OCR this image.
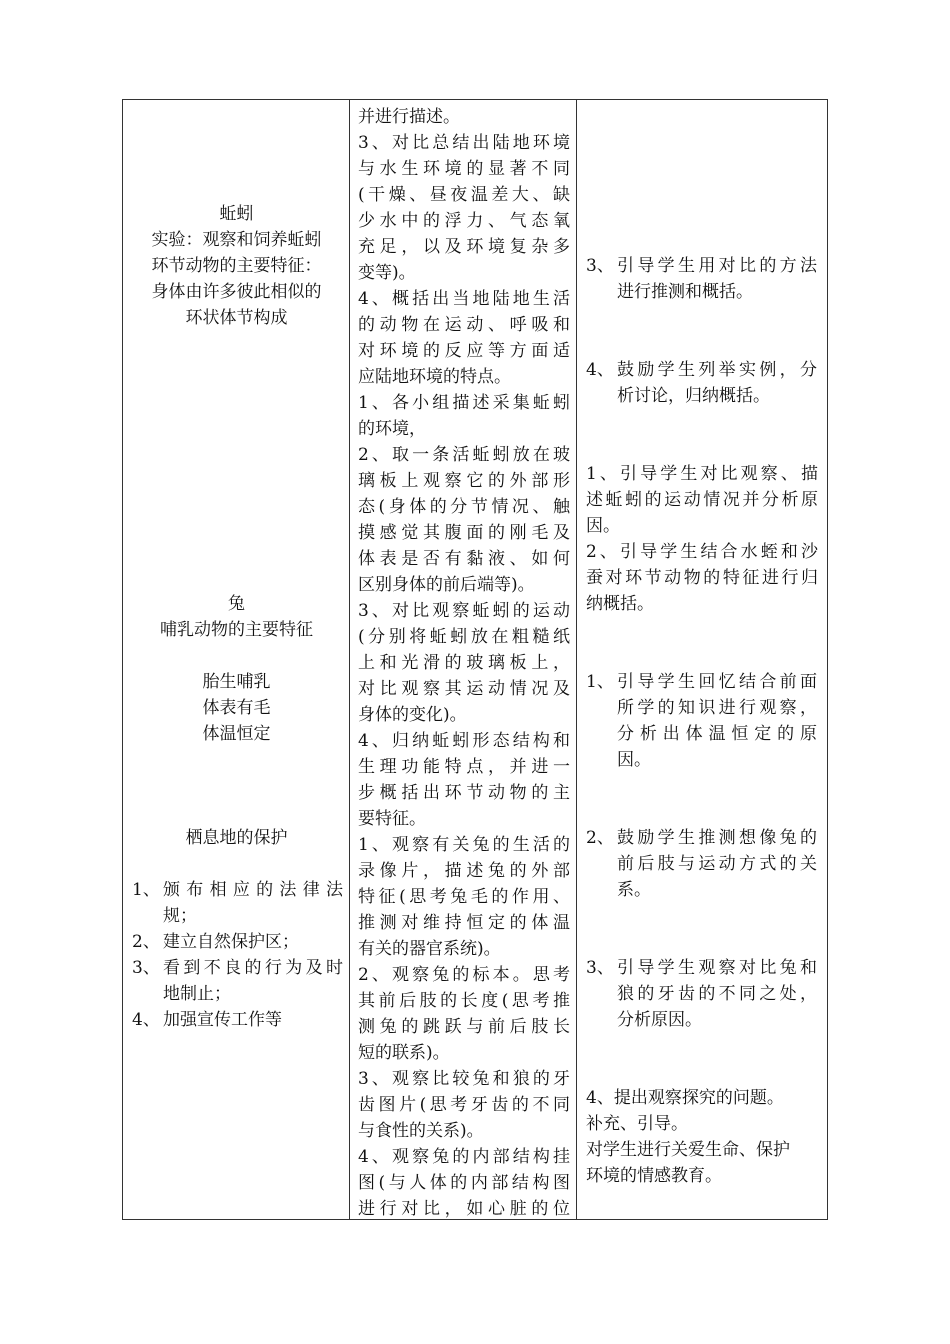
蚯蚓
实验：观察和饲养蚯蚓
环节动物的主要特征：
身体由许多彼此相似的
环状体节构成
兔
哺乳动物的主要特征
胎生哺乳
体表有毛
体温恒定
栖息地的保护
1、 颁布相应的法律法
规；
2、 建立自然保护区；
3、 看到不良的行为及时
地制止；
4、 加强宣传工作等
并进行描述。
3、对比总结出陆地环境
与水生环境的显著不同
(干燥、昼夜温差大、缺
少水中的浮力、气态氧
充足，以及环境复杂多
变等)。
4、概括出当地陆地生活
的动物在运动、呼吸和
对环境的反应等方面适
应陆地环境的特点。
1、各小组描述采集蚯蚓
的环境，
2、取一条活蚯蚓放在玻
璃板上观察它的外部形
态(身体的分节情况、触
摸感觉其腹面的刚毛及
体表是否有黏液、如何
区别身体的前后端等)。
3、对比观察蚯蚓的运动
(分别将蚯蚓放在粗糙纸
上和光滑的玻璃板上，
对比观察其运动情况及
身体的变化)。
4、归纳蚯蚓形态结构和
生理功能特点，并进一
步概括出环节动物的主
要特征。
1、观察有关兔的生活的
录像片，描述兔的外部
特征(思考兔毛的作用、
推测对维持恒定的体温
有关的器官系统)。
2、观察兔的标本。思考
其前后肢的长度(思考推
测兔的跳跃与前后肢长
短的联系)。
3、观察比较兔和狼的牙
齿图片(思考牙齿的不同
与食性的关系)。
4、观察兔的内部结构挂
图(与人体的内部结构图
进行对比，如心脏的位
3、 引导学生用对比的方法
进行推测和概括。
4、 鼓励学生列举实例，分
析讨论，归纳概括。
1、引导学生对比观察、描
述蚯蚓的运动情况并分析原
因。
2、引导学生结合水蛭和沙
蚕对环节动物的特征进行归
纳概括。
1、 引导学生回忆结合前面
所学的知识进行观察，
分析出体温恒定的原
因。
2、 鼓励学生推测想像兔的
前后肢与运动方式的关
系。
3、 引导学生观察对比兔和
狼的牙齿的不同之处，
分析原因。
4、提出观察探究的问题。
补充、引导。
对学生进行关爱生命、保护
环境的情感教育。
